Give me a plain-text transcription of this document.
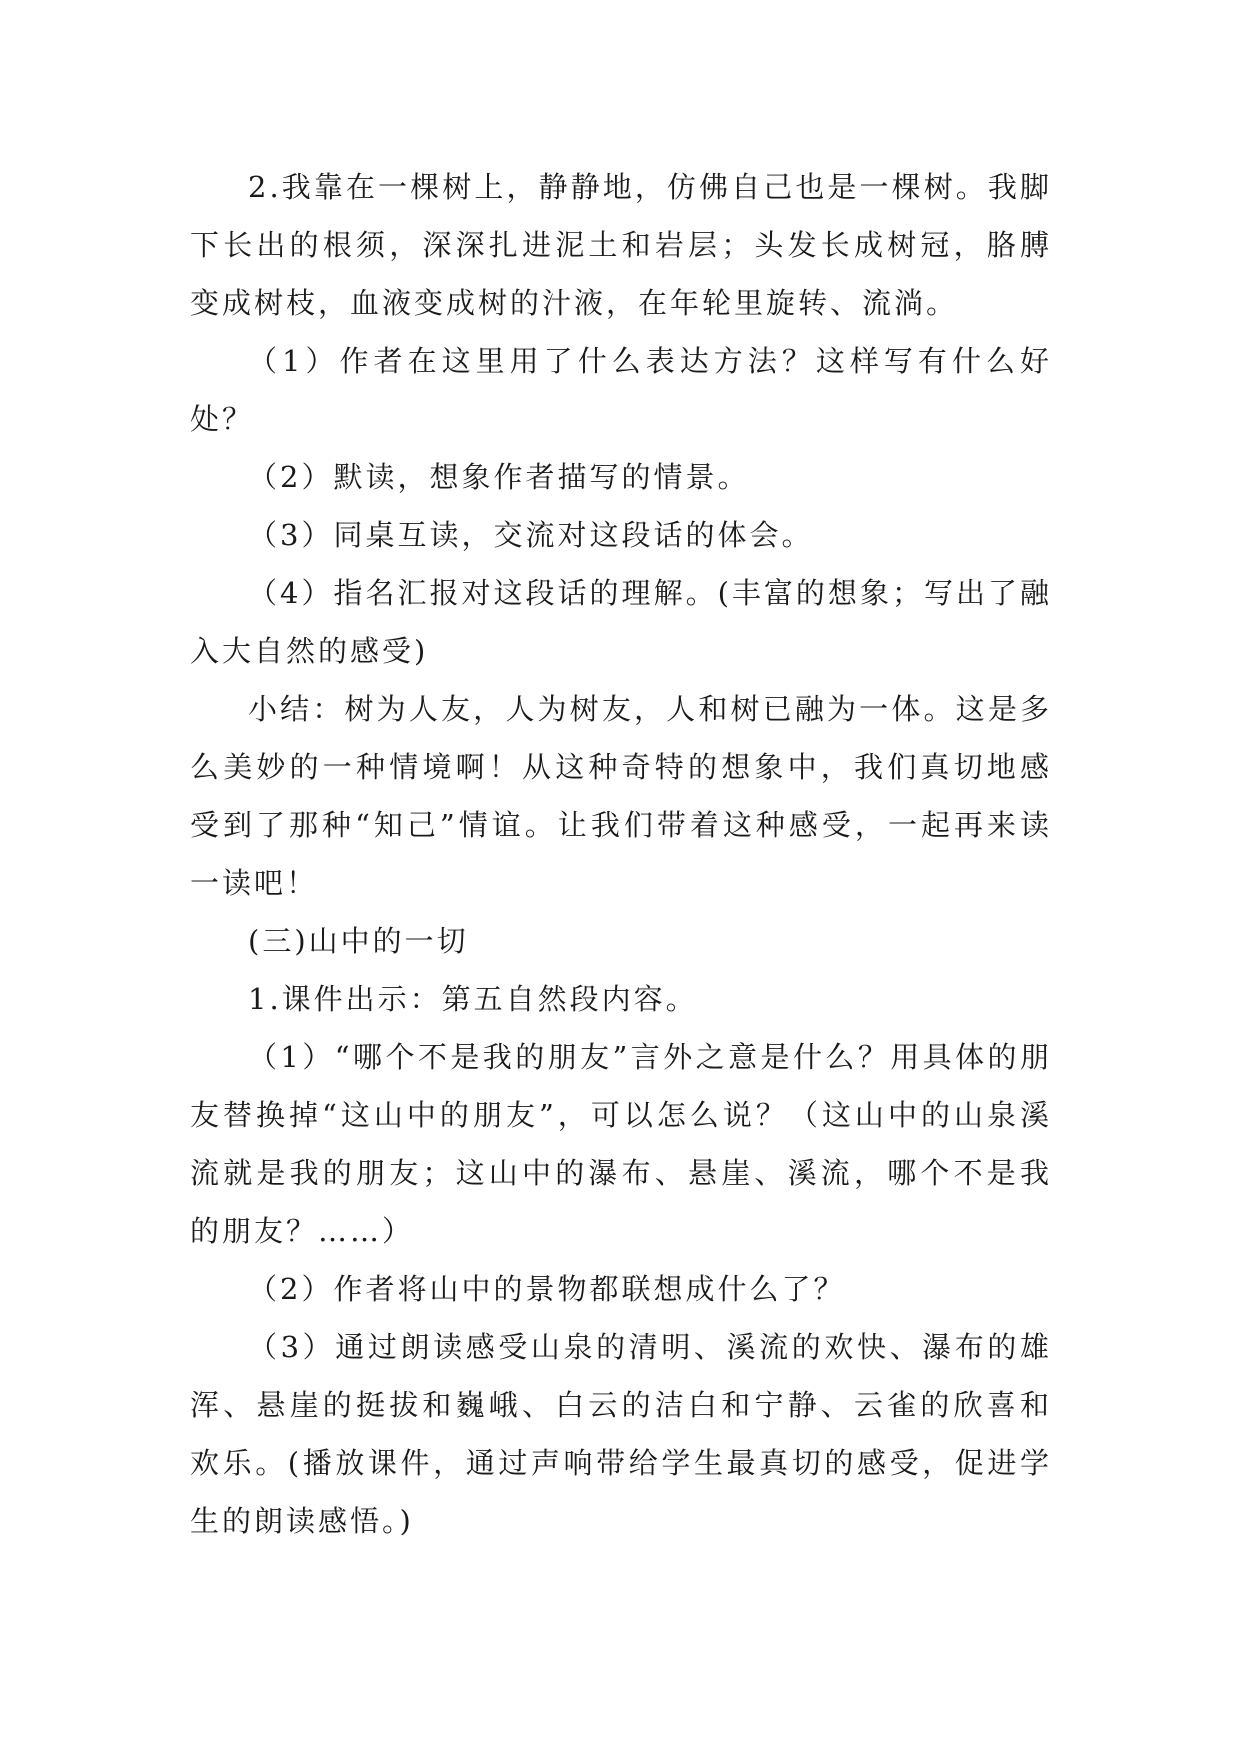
2.我靠在一棵树上，静静地，仿佛自己也是一棵树。我脚下长出的根须，深深扎进泥土和岩层；头发长成树冠，胳膊变成树枝，血液变成树的汁液，在年轮里旋转、流淌。

（1）作者在这里用了什么表达方法？这样写有什么好处？

（2）默读，想象作者描写的情景。

（3）同桌互读，交流对这段话的体会。

（4）指名汇报对这段话的理解。(丰富的想象；写出了融入大自然的感受)

小结：树为人友，人为树友，人和树已融为一体。这是多么美妙的一种情境啊！从这种奇特的想象中，我们真切地感受到了那种“知己”情谊。让我们带着这种感受，一起再来读一读吧！

(三)山中的一切

1.课件出示：第五自然段内容。

（1）“哪个不是我的朋友”言外之意是什么？用具体的朋友替换掉“这山中的朋友”，可以怎么说？（这山中的山泉溪流就是我的朋友；这山中的瀑布、悬崖、溪流，哪个不是我的朋友？……）

（2）作者将山中的景物都联想成什么了？

（3）通过朗读感受山泉的清明、溪流的欢快、瀑布的雄浑、悬崖的挺拔和巍峨、白云的洁白和宁静、云雀的欣喜和欢乐。(播放课件，通过声响带给学生最真切的感受，促进学生的朗读感悟。)
